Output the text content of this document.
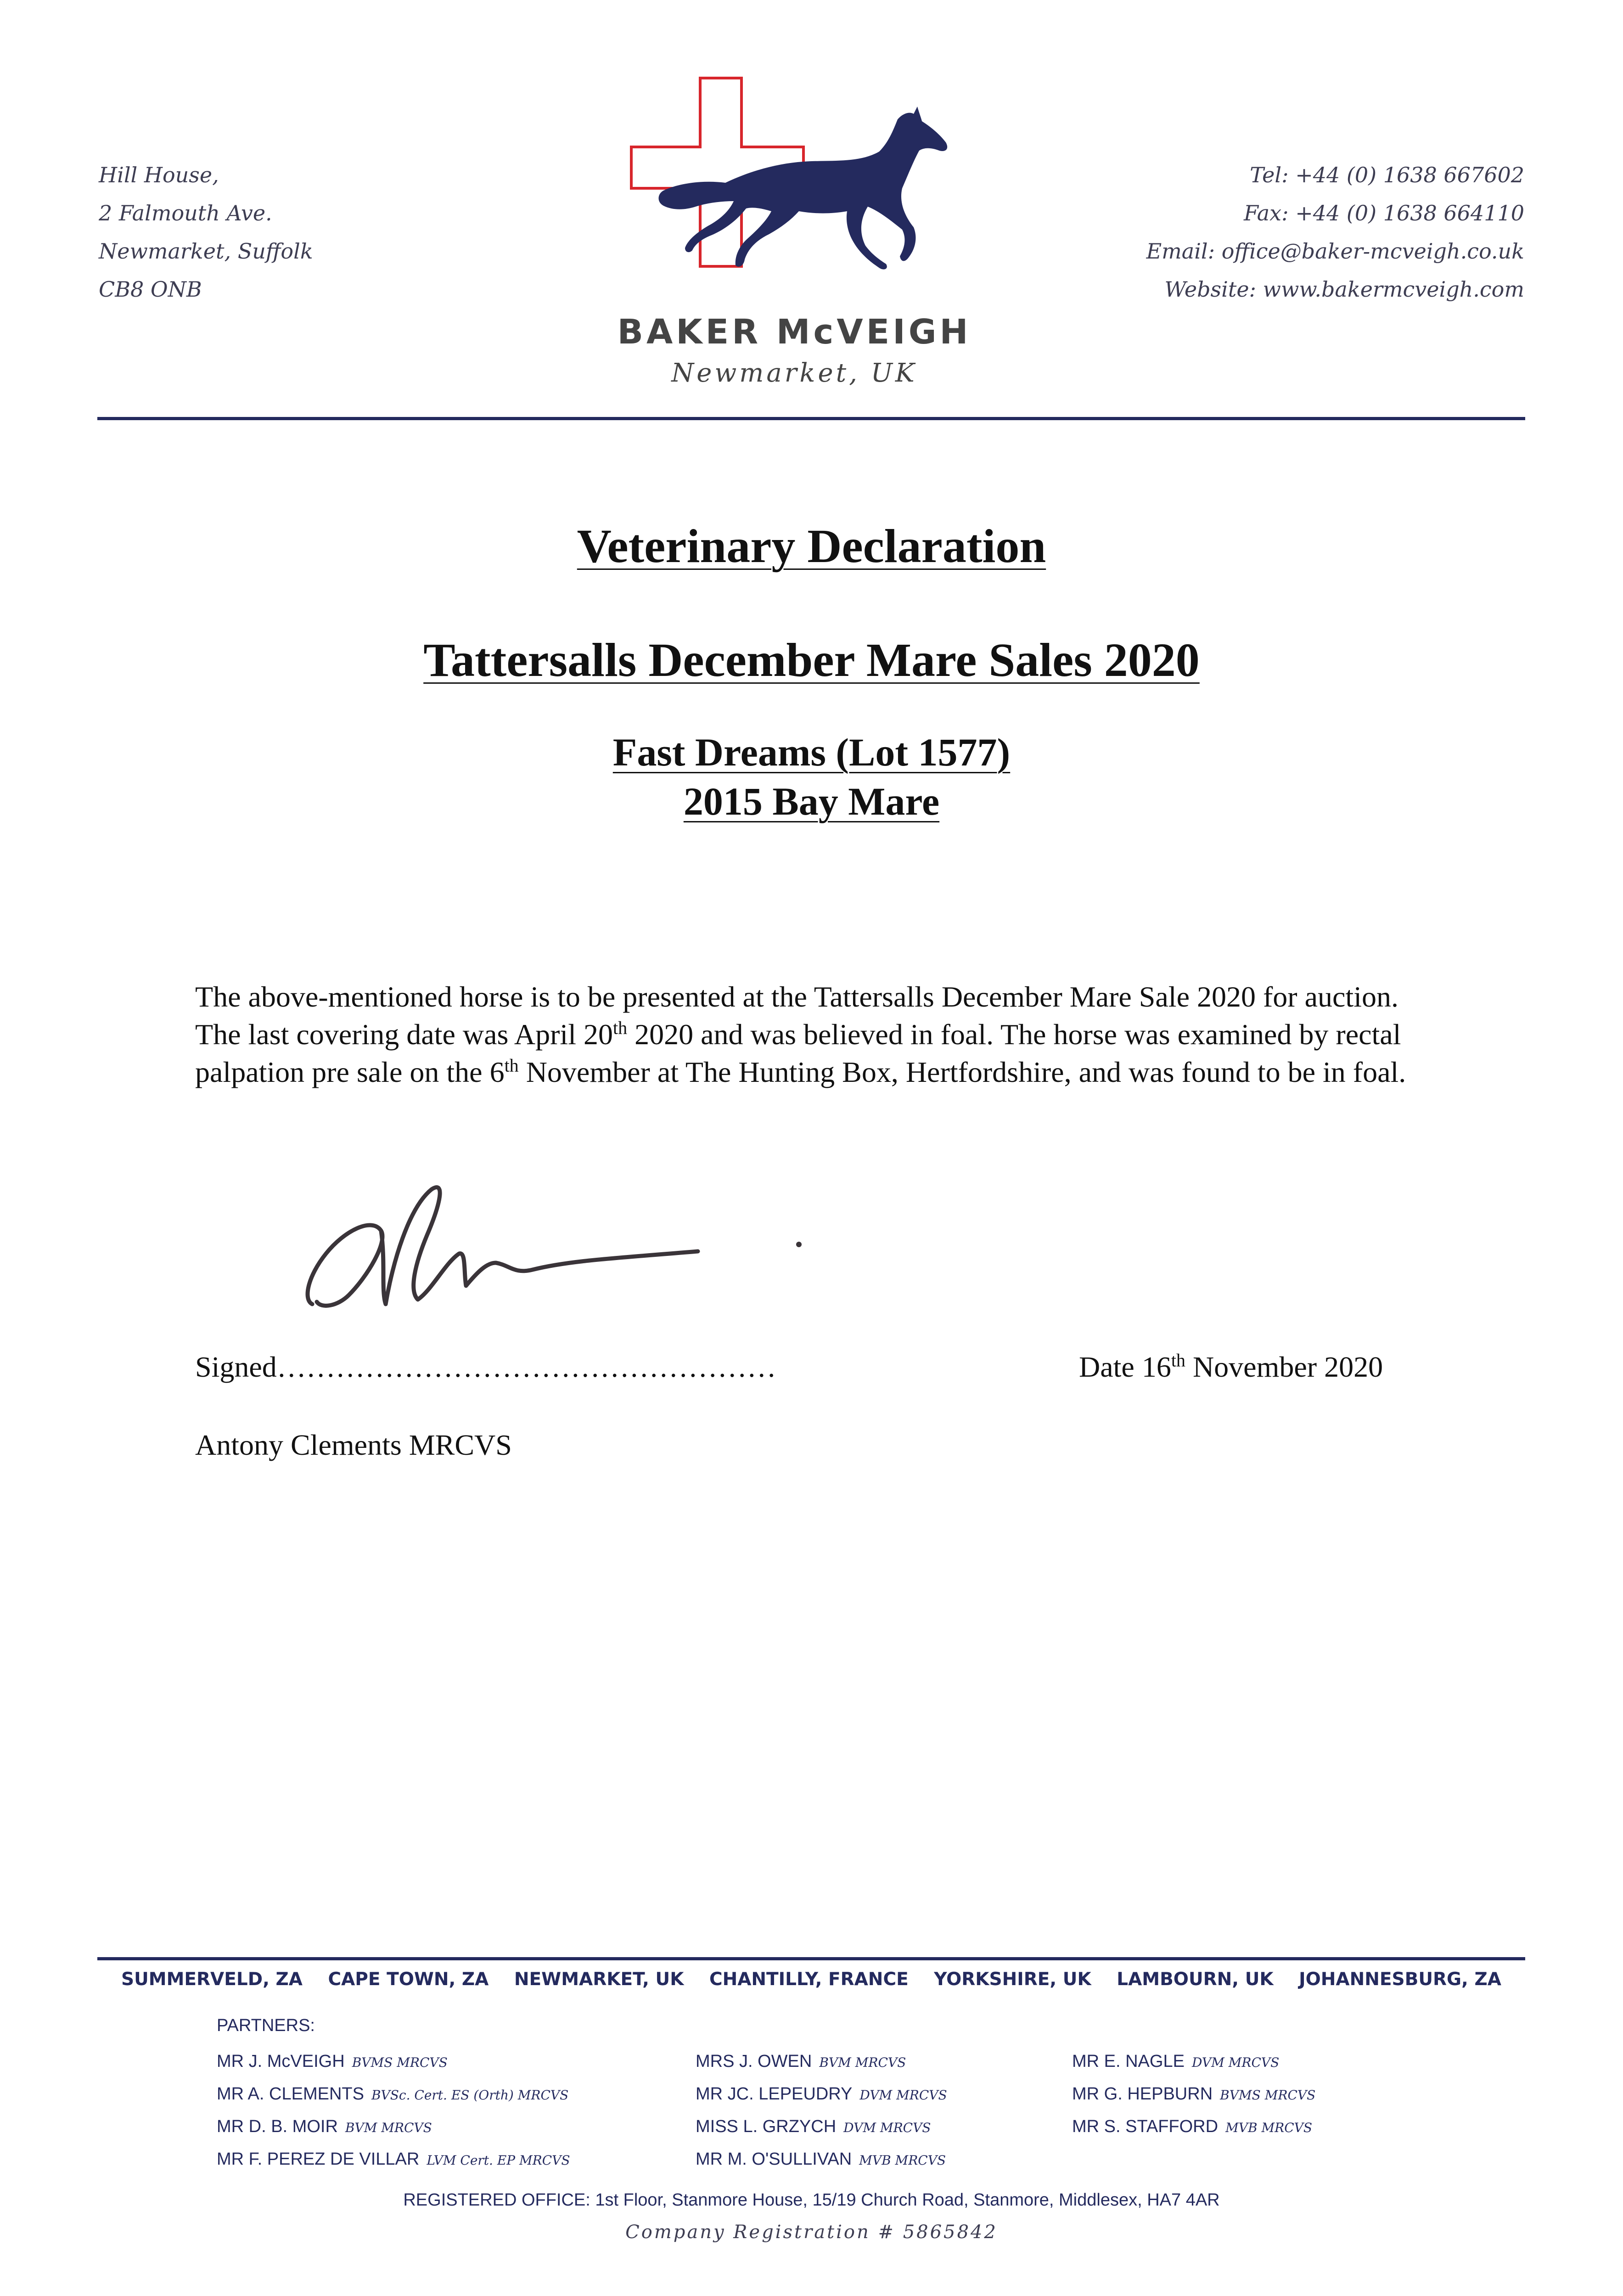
Hill House,
2 Falmouth Ave.
Newmarket, Suffolk
CB8 ONB
BAKER McVEIGH
Newmarket, UK
Tel: +44 (0) 1638 667602
Fax: +44 (0) 1638 664110
Email: office@baker-mcveigh.co.uk
Website: www.bakermcveigh.com
Veterinary Declaration
Tattersalls December Mare Sales 2020
Fast Dreams (Lot 1577)
2015 Bay Mare
The above-mentioned horse is to be presented at the Tattersalls December Mare Sale 2020 for auction. The last covering date was April 20th 2020 and was believed in foal. The horse was examined by rectal palpation pre sale on the 6th November at The Hunting Box, Hertfordshire, and was found to be in foal.
Signed……………………………………………	Date 16th November 2020
Antony Clements MRCVS
SUMMERVELD, ZA CAPE TOWN, ZA NEWMARKET, UK CHANTILLY, FRANCE YORKSHIRE, UK LAMBOURN, UK JOHANNESBURG, ZA
PARTNERS:
MR J. McVEIGH BVMS MRCVS
MR A. CLEMENTS BVSc. Cert. ES (Orth) MRCVS
MR D. B. MOIR BVM MRCVS
MR F. PEREZ DE VILLAR LVM Cert. EP MRCVS
MRS J. OWEN BVM MRCVS
MR JC. LEPEUDRY DVM MRCVS
MISS L. GRZYCH DVM MRCVS
MR M. O'SULLIVAN MVB MRCVS
MR E. NAGLE DVM MRCVS
MR G. HEPBURN BVMS MRCVS
MR S. STAFFORD MVB MRCVS
REGISTERED OFFICE: 1st Floor, Stanmore House, 15/19 Church Road, Stanmore, Middlesex, HA7 4AR
Company Registration # 5865842
